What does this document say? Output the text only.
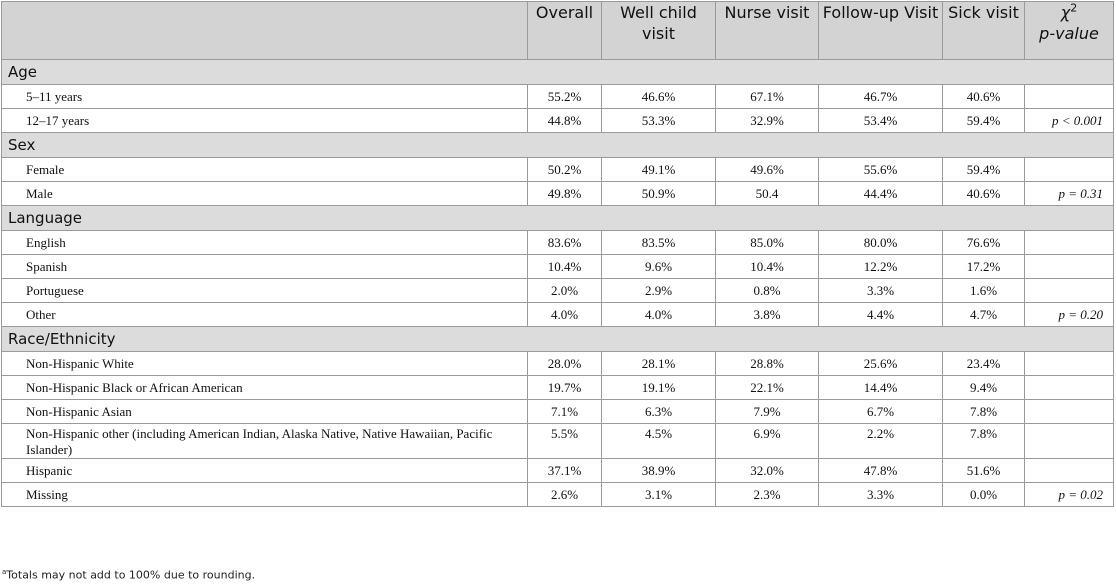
	Overall	Well child visit	Nurse visit	Follow-up Visit	Sick visit	$\chi^2$
p-value
Age						
5–11 years	55.2%	46.6%	67.1%	46.7%	40.6%	
12–17 years	44.8%	53.3%	32.9%	53.4%	59.4%	p < 0.001
Sex						
Female	50.2%	49.1%	49.6%	55.6%	59.4%	
Male	49.8%	50.9%	50.4	44.4%	40.6%	p = 0.31
Language						
English	83.6%	83.5%	85.0%	80.0%	76.6%	
Spanish	10.4%	9.6%	10.4%	12.2%	17.2%	
Portuguese	2.0%	2.9%	0.8%	3.3%	1.6%	
Other	4.0%	4.0%	3.8%	4.4%	4.7%	p = 0.20
Race/Ethnicity						
Non-Hispanic White	28.0%	28.1%	28.8%	25.6%	23.4%	
Non-Hispanic Black or African American	19.7%	19.1%	22.1%	14.4%	9.4%	
Non-Hispanic Asian	7.1%	6.3%	7.9%	6.7%	7.8%	
Non-Hispanic other (including American Indian, Alaska Native, Native Hawaiian, Pacific Islander)	5.5%	4.5%	6.9%	2.2%	7.8%	
Hispanic	37.1%	38.9%	32.0%	47.8%	51.6%	
Missing	2.6%	3.1%	2.3%	3.3%	0.0%	p = 0.02
$^a$Totals may not add to 100% due to rounding.
